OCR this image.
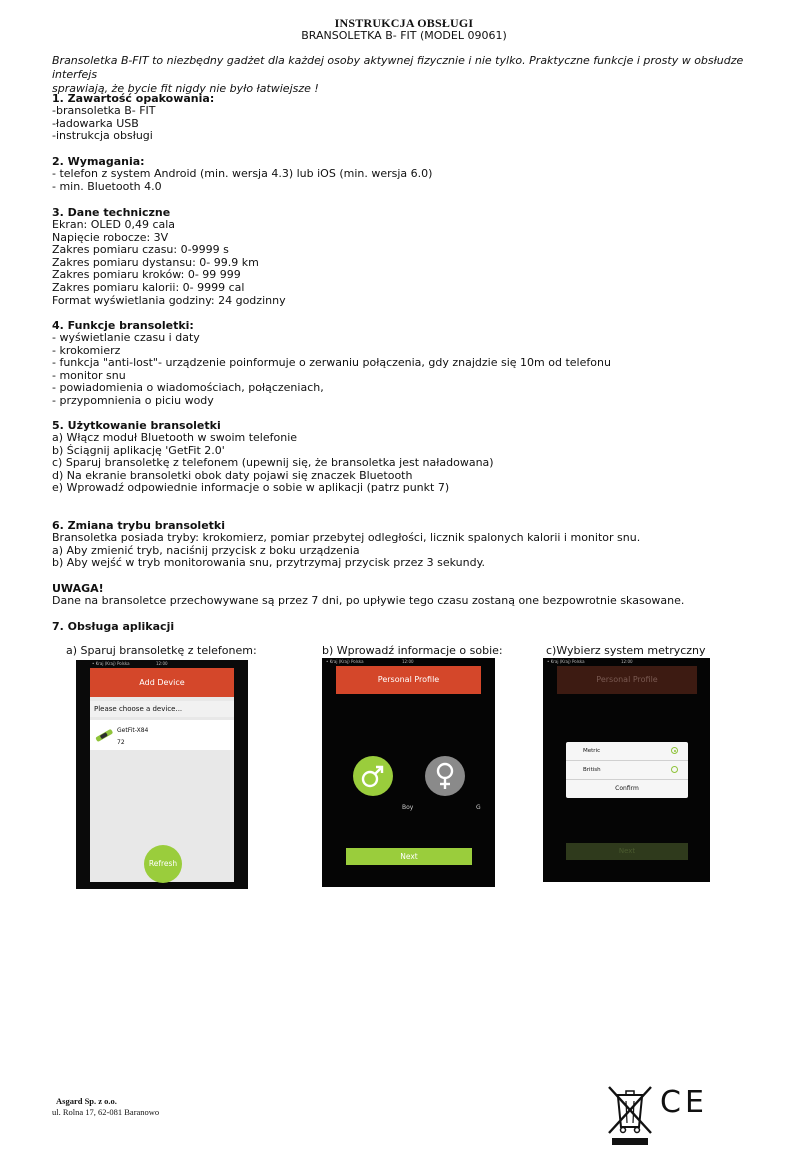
INSTRUKCJA OBSŁUGI
BRANSOLETKA B- FIT (MODEL 09061)
Bransoletka B-FIT to niezbędny gadżet dla każdej osoby aktywnej fizycznie i nie tylko. Praktyczne funkcje i prosty w obsłudze interfejs
sprawiają, że bycie fit nigdy nie było łatwiejsze !
1. Zawartość opakowania:

-bransoletka B- FIT

-ładowarka USB

-instrukcja obsługi

2. Wymagania:

- telefon z system Android (min. wersja 4.3) lub iOS (min. wersja 6.0)

- min. Bluetooth 4.0

3. Dane techniczne

Ekran: OLED 0,49 cala

Napięcie robocze: 3V

Zakres pomiaru czasu: 0-9999 s

Zakres pomiaru dystansu: 0- 99.9 km

Zakres pomiaru kroków: 0- 99 999

Zakres pomiaru kalorii: 0- 9999 cal

Format wyświetlania godziny: 24 godzinny

4. Funkcje bransoletki:

- wyświetlanie czasu i daty

- krokomierz

- funkcja "anti-lost"- urządzenie poinformuje o zerwaniu połączenia, gdy znajdzie się 10m od telefonu

- monitor snu

- powiadomienia o wiadomościach, połączeniach,

- przypomnienia o piciu wody

5. Użytkowanie bransoletki

a) Włącz moduł Bluetooth w swoim telefonie

b) Ściągnij aplikację 'GetFit 2.0'

c) Sparuj bransoletkę z telefonem (upewnij się, że bransoletka jest naładowana)

d) Na ekranie bransoletki obok daty pojawi się znaczek Bluetooth

e) Wprowadź odpowiednie informacje o sobie w aplikacji (patrz punkt 7)

6. Zmiana trybu bransoletki

Bransoletka posiada tryby: krokomierz, pomiar przebytej odległości, licznik spalonych kalorii i monitor snu.

a) Aby zmienić tryb, naciśnij przycisk z boku urządzenia

b) Aby wejść w tryb monitorowania snu, przytrzymaj przycisk przez 3 sekundy.

UWAGA!

Dane na bransoletce przechowywane są przez 7 dni, po upływie tego czasu zostaną one bezpowrotnie skasowane.

7. Obsługa aplikacji
a) Sparuj bransoletkę z telefonem:	b) Wprowadź informacje o sobie:	c)Wybierz system metryczny
• Kraj (Kraj) Polska	12:00
Add Device
Please choose a device...
GetFit-X84
72
Refresh
• Kraj (Kraj) Polska	12:00
Personal Profile
Boy	G
Next
• Kraj (Kraj) Polska	12:00
Personal Profile
Metric
British
Confirm
Next
Asgard Sp. z o.o.
ul. Rolna 17, 62-081 Baranowo	CE
